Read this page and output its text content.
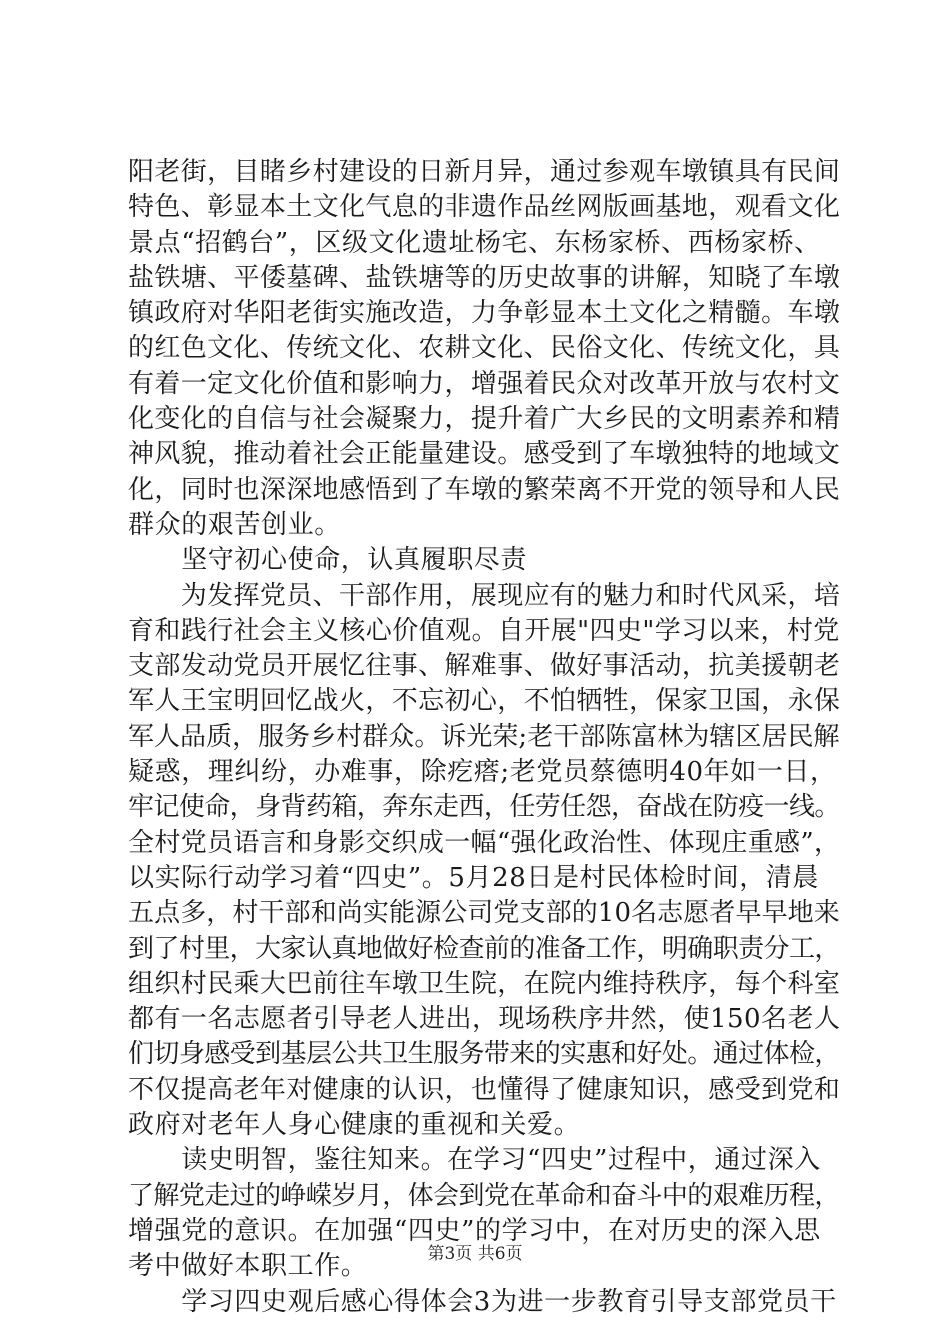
阳老街，目睹乡村建设的日新月异，通过参观车墩镇具有民间
特色、彰显本土文化气息的非遗作品丝网版画基地，观看文化
景点“招鹤台”，区级文化遗址杨宅、东杨家桥、西杨家桥、
盐铁塘、平倭墓碑、盐铁塘等的历史故事的讲解，知晓了车墩
镇政府对华阳老街实施改造，力争彰显本土文化之精髓。车墩
的红色文化、传统文化、农耕文化、民俗文化、传统文化，具
有着一定文化价值和影响力，增强着民众对改革开放与农村文
化变化的自信与社会凝聚力，提升着广大乡民的文明素养和精
神风貌，推动着社会正能量建设。感受到了车墩独特的地域文
化，同时也深深地感悟到了车墩的繁荣离不开党的领导和人民
群众的艰苦创业。
　　坚守初心使命，认真履职尽责
　　为发挥党员、干部作用，展现应有的魅力和时代风采，培
育和践行社会主义核心价值观。自开展"四史"学习以来，村党
支部发动党员开展忆往事、解难事、做好事活动，抗美援朝老
军人王宝明回忆战火，不忘初心，不怕牺牲，保家卫国，永保
军人品质，服务乡村群众。诉光荣;老干部陈富林为辖区居民解
疑惑，理纠纷，办难事，除疙瘩;老党员蔡德明40年如一日，
牢记使命，身背药箱，奔东走西，任劳任怨，奋战在防疫一线。
全村党员语言和身影交织成一幅“强化政治性、体现庄重感”，
以实际行动学习着“四史”。5月28日是村民体检时间，清晨
五点多，村干部和尚实能源公司党支部的10名志愿者早早地来
到了村里，大家认真地做好检查前的准备工作，明确职责分工，
组织村民乘大巴前往车墩卫生院，在院内维持秩序，每个科室
都有一名志愿者引导老人进出，现场秩序井然，使150名老人
们切身感受到基层公共卫生服务带来的实惠和好处。通过体检，
不仅提高老年对健康的认识，也懂得了健康知识，感受到党和
政府对老年人身心健康的重视和关爱。
　　读史明智，鉴往知来。在学习“四史”过程中，通过深入
了解党走过的峥嵘岁月，体会到党在革命和奋斗中的艰难历程，
增强党的意识。在加强“四史”的学习中，在对历史的深入思
考中做好本职工作。
　　学习四史观后感心得体会3为进一步教育引导支部党员干
第3页 共6页
